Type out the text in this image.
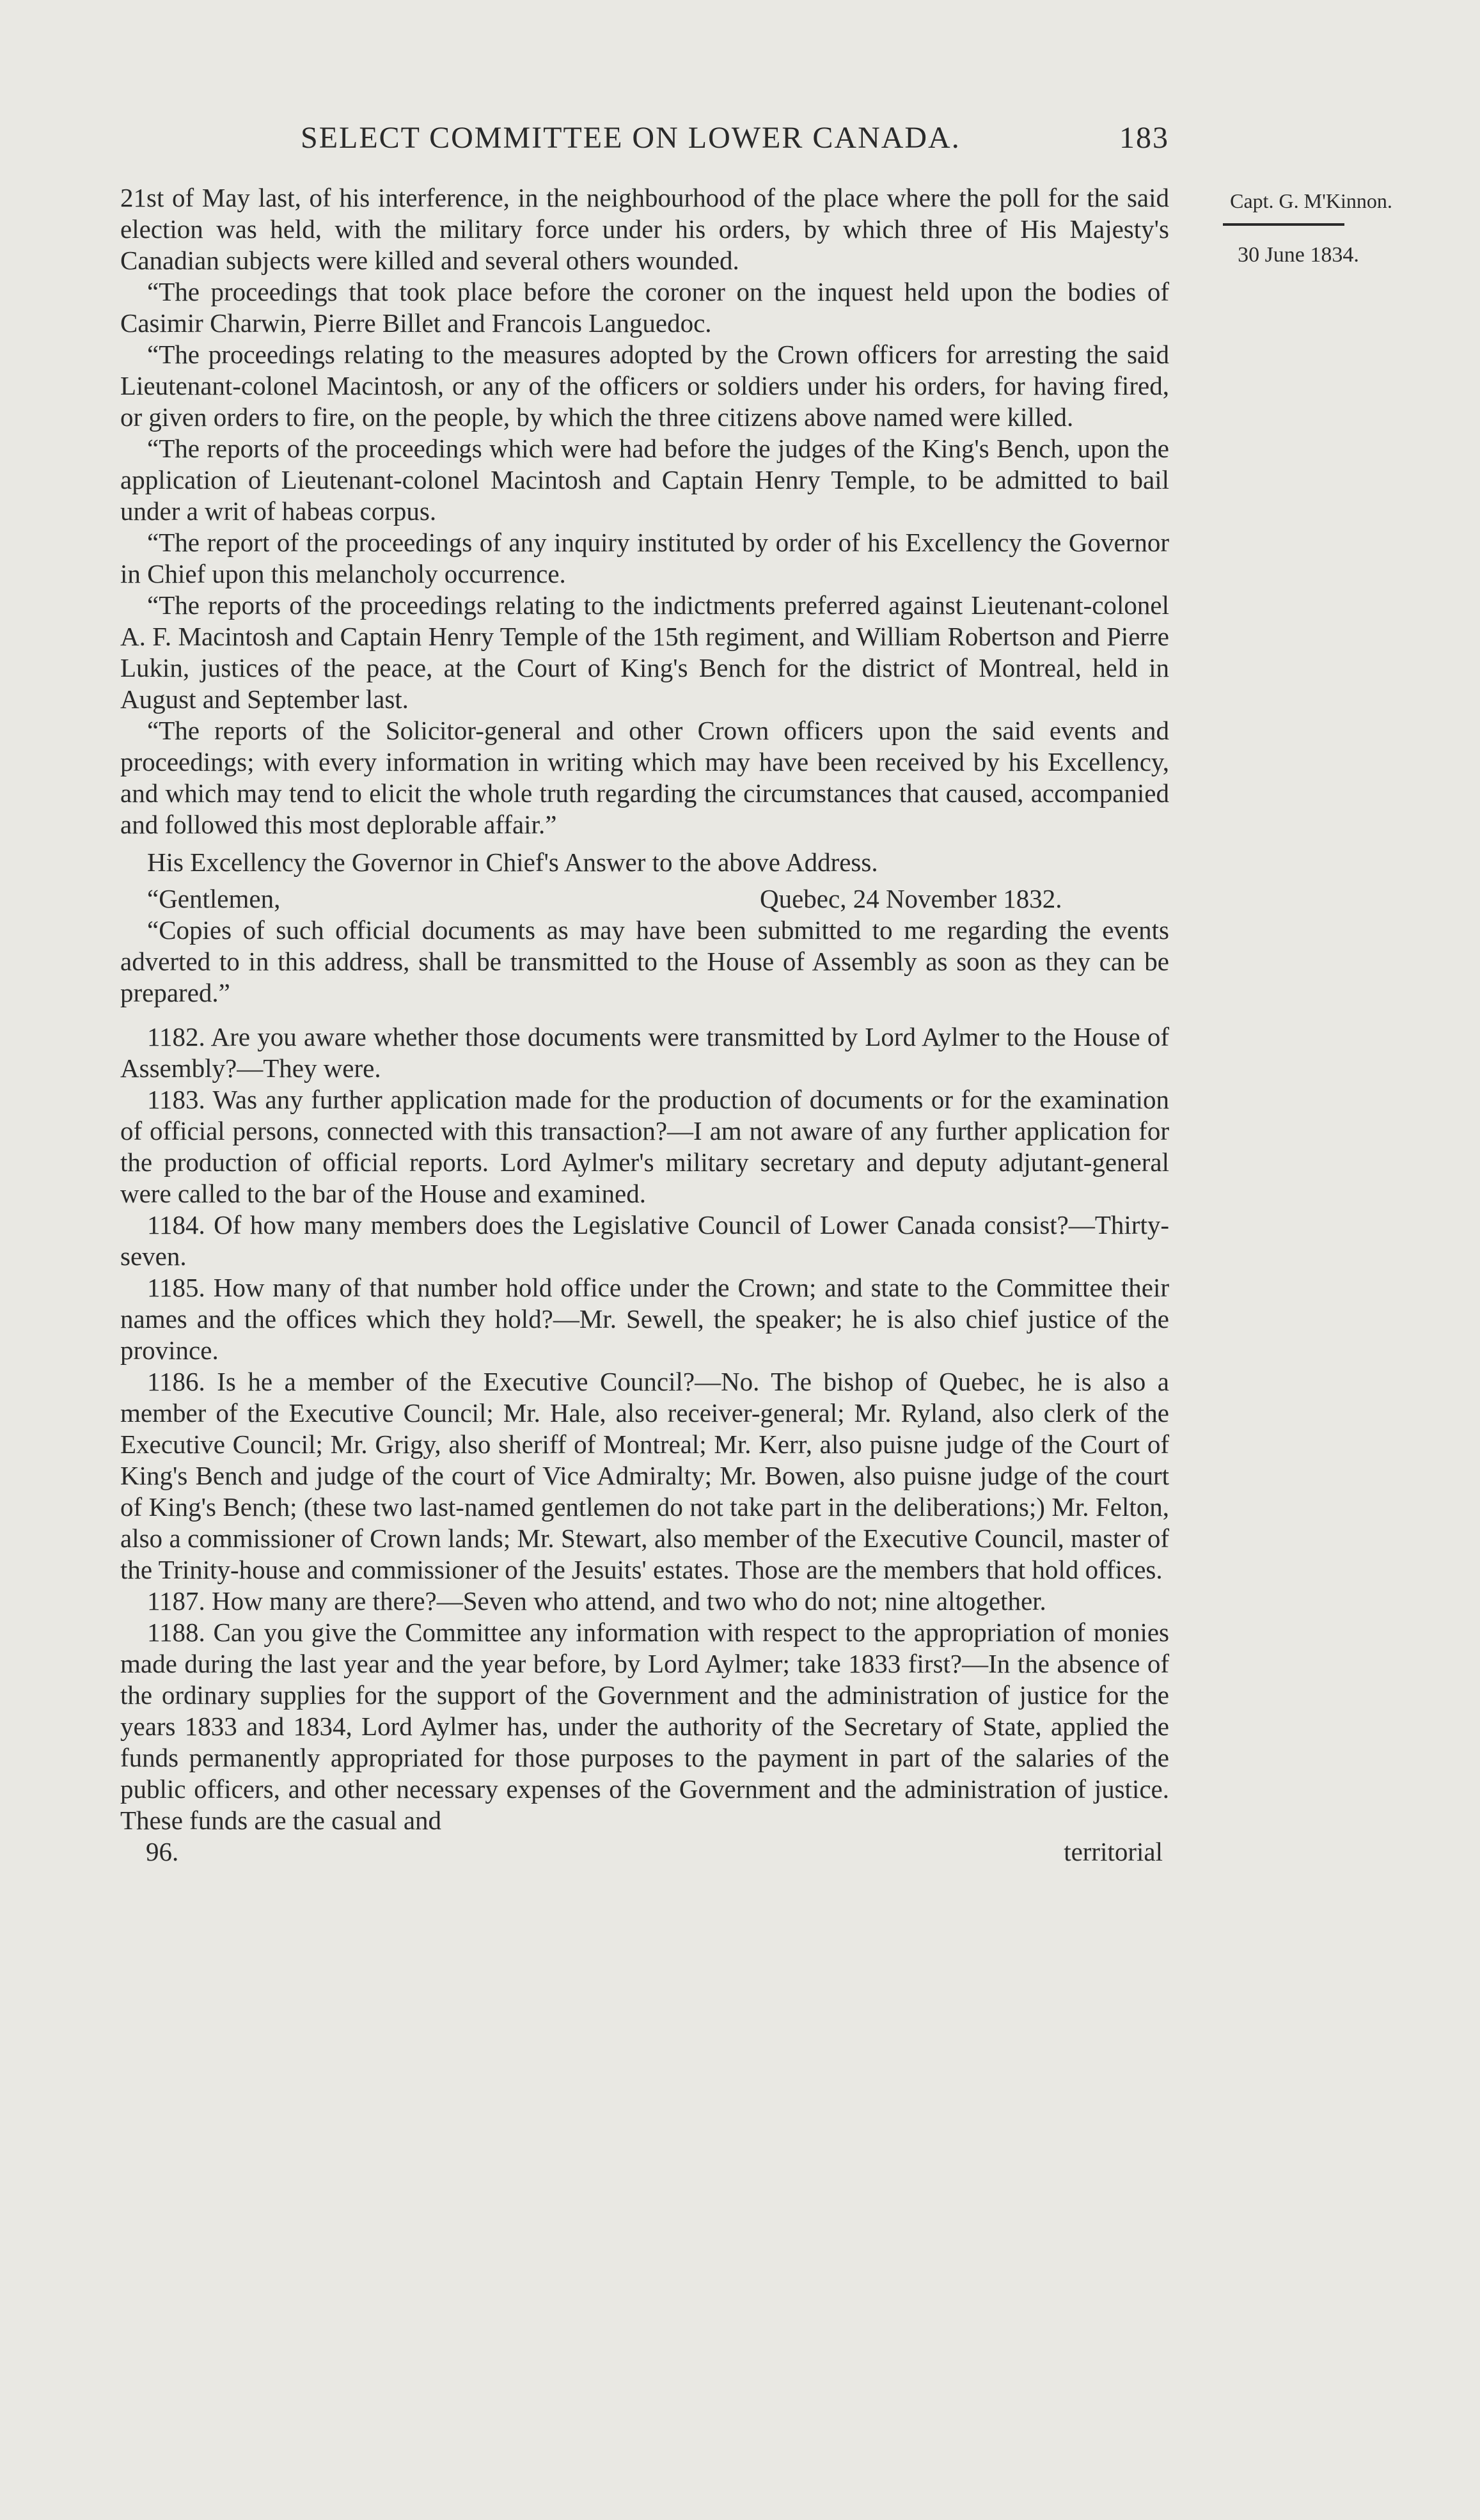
SELECT COMMITTEE ON LOWER CANADA.	183
Capt. G. M'Kinnon.
30 June 1834.

21st of May last, of his interference, in the neighbourhood of the place where the poll for the said election was held, with the military force under his orders, by which three of His Majesty's Canadian subjects were killed and several others wounded.

“The proceedings that took place before the coroner on the inquest held upon the bodies of Casimir Charwin, Pierre Billet and Francois Languedoc.

“The proceedings relating to the measures adopted by the Crown officers for arresting the said Lieutenant-colonel Macintosh, or any of the officers or soldiers under his orders, for having fired, or given orders to fire, on the people, by which the three citizens above named were killed.

“The reports of the proceedings which were had before the judges of the King's Bench, upon the application of Lieutenant-colonel Macintosh and Captain Henry Temple, to be admitted to bail under a writ of habeas corpus.

“The report of the proceedings of any inquiry instituted by order of his Excellency the Governor in Chief upon this melancholy occurrence.

“The reports of the proceedings relating to the indictments preferred against Lieutenant-colonel A. F. Macintosh and Captain Henry Temple of the 15th regiment, and William Robertson and Pierre Lukin, justices of the peace, at the Court of King's Bench for the district of Montreal, held in August and September last.

“The reports of the Solicitor-general and other Crown officers upon the said events and proceedings; with every information in writing which may have been received by his Excellency, and which may tend to elicit the whole truth regarding the circumstances that caused, accompanied and followed this most deplorable affair.”

His Excellency the Governor in Chief's Answer to the above Address.

“Gentlemen,	Quebec, 24 November 1832.

“Copies of such official documents as may have been submitted to me regarding the events adverted to in this address, shall be transmitted to the House of Assembly as soon as they can be prepared.”

1182. Are you aware whether those documents were transmitted by Lord Aylmer to the House of Assembly?—They were.

1183. Was any further application made for the production of documents or for the examination of official persons, connected with this transaction?—I am not aware of any further application for the production of official reports. Lord Aylmer's military secretary and deputy adjutant-general were called to the bar of the House and examined.

1184. Of how many members does the Legislative Council of Lower Canada consist?—Thirty-seven.

1185. How many of that number hold office under the Crown; and state to the Committee their names and the offices which they hold?—Mr. Sewell, the speaker; he is also chief justice of the province.

1186. Is he a member of the Executive Council?—No. The bishop of Quebec, he is also a member of the Executive Council; Mr. Hale, also receiver-general; Mr. Ryland, also clerk of the Executive Council; Mr. Grigy, also sheriff of Montreal; Mr. Kerr, also puisne judge of the Court of King's Bench and judge of the court of Vice Admiralty; Mr. Bowen, also puisne judge of the court of King's Bench; (these two last-named gentlemen do not take part in the deliberations;) Mr. Felton, also a commissioner of Crown lands; Mr. Stewart, also member of the Executive Council, master of the Trinity-house and commissioner of the Jesuits' estates. Those are the members that hold offices.

1187. How many are there?—Seven who attend, and two who do not; nine altogether.

1188. Can you give the Committee any information with respect to the appropriation of monies made during the last year and the year before, by Lord Aylmer; take 1833 first?—In the absence of the ordinary supplies for the support of the Government and the administration of justice for the years 1833 and 1834, Lord Aylmer has, under the authority of the Secretary of State, applied the funds permanently appropriated for those purposes to the payment in part of the salaries of the public officers, and other necessary expenses of the Government and the administration of justice. These funds are the casual and

96.	territorial
